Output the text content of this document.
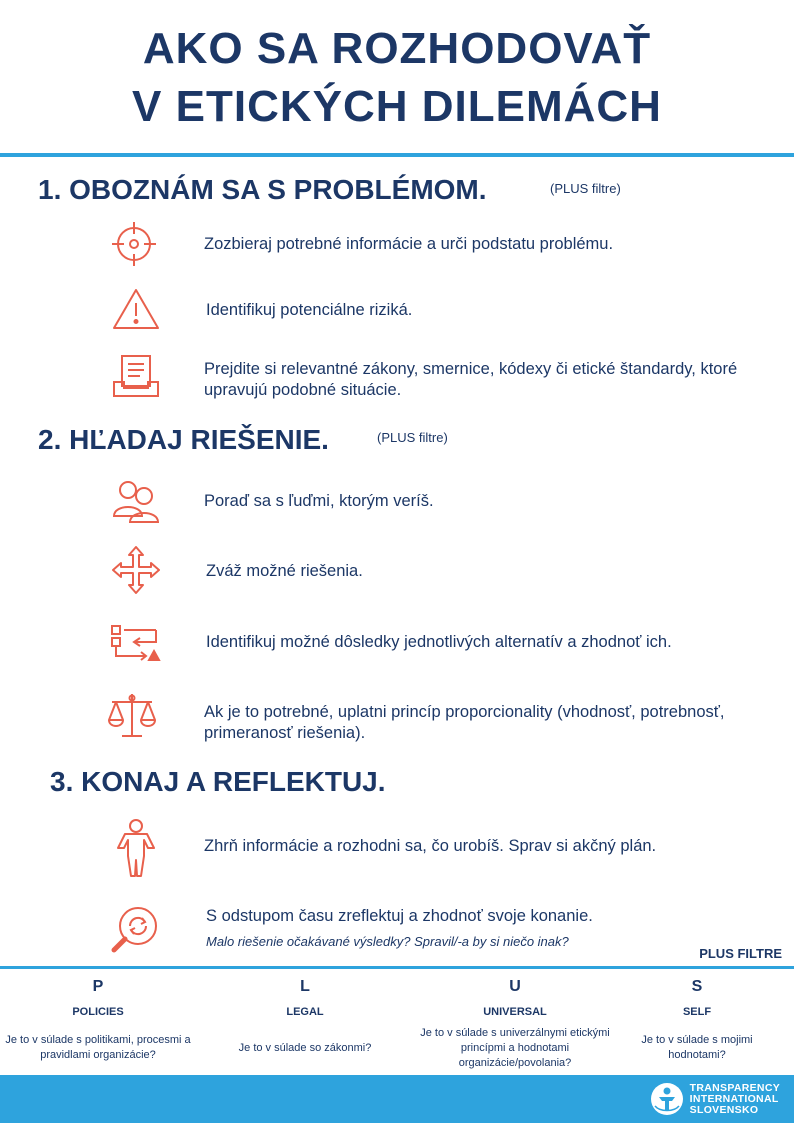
AKO SA ROZHODOVAŤ
V ETICKÝCH DILEMÁCH
1. OBOZNÁM SA S PROBLÉMOM.	(PLUS filtre)
Zozbieraj potrebné informácie a urči podstatu problému.
Identifikuj potenciálne riziká.
Prejdite si relevantné zákony, smernice, kódexy či etické štandardy, ktoré upravujú podobné situácie.
2. HĽADAJ RIEŠENIE.	(PLUS filtre)
Poraď sa s ľuďmi, ktorým veríš.
Zváž možné riešenia.
Identifikuj možné dôsledky jednotlivých alternatív a zhodnoť ich.
Ak je to potrebné, uplatni princíp proporcionality (vhodnosť, potrebnosť, primeranosť riešenia).
3. KONAJ A REFLEKTUJ.
Zhrň informácie a rozhodni sa, čo urobíš. Sprav si akčný plán.
S odstupom času zreflektuj a zhodnoť svoje konanie.
Malo riešenie očakávané výsledky? Spravil/-a by si niečo inak?
PLUS FILTRE
P
POLICIES
Je to v súlade s politikami, procesmi a pravidlami organizácie?
L
LEGAL
Je to v súlade so zákonmi?
U
UNIVERSAL
Je to v súlade s univerzálnymi etickými princípmi a hodnotami organizácie/povolania?
S
SELF
Je to v súlade s mojimi hodnotami?
TRANSPARENCY
INTERNATIONAL
SLOVENSKO
